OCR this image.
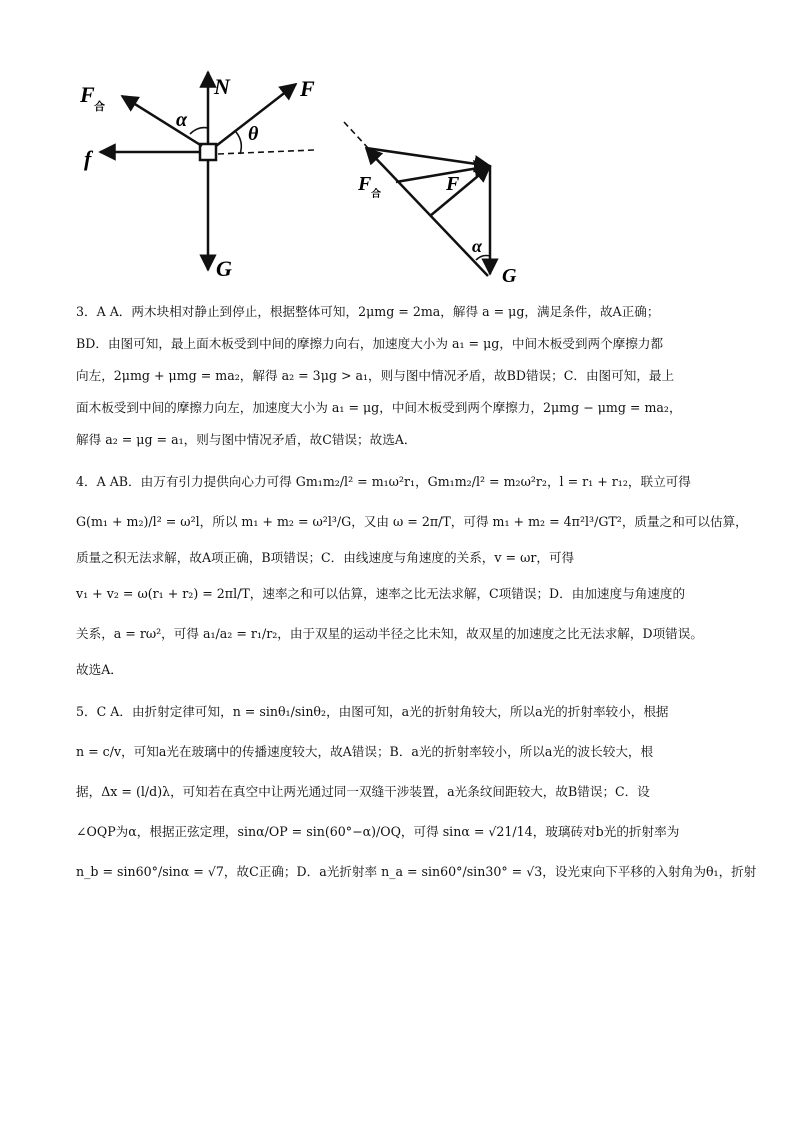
F 合
N	F
f
G
α
θ
F 合	F
α
G
3．A A．两木块相对静止到停止，根据整体可知，2μmg = 2ma，解得 a = μg，满足条件，故A正确；
BD．由图可知，最上面木板受到中间的摩擦力向右，加速度大小为 a₁ = μg，中间木板受到两个摩擦力都
向左，2μmg + μmg = ma₂，解得 a₂ = 3μg > a₁，则与图中情况矛盾，故BD错误；C．由图可知，最上
面木板受到中间的摩擦力向左，加速度大小为 a₁ = μg，中间木板受到两个摩擦力，2μmg − μmg = ma₂，
解得 a₂ = μg = a₁，则与图中情况矛盾，故C错误；故选A．
4．A AB．由万有引力提供向心力可得 Gm₁m₂/l² = m₁ω²r₁，Gm₁m₂/l² = m₂ω²r₂，l = r₁ + r₁₂，联立可得
G(m₁ + m₂)/l² = ω²l，所以 m₁ + m₂ = ω²l³/G，又由 ω = 2π/T，可得 m₁ + m₂ = 4π²l³/GT²，质量之和可以估算，
质量之积无法求解，故A项正确，B项错误；C．由线速度与角速度的关系，v = ωr，可得
v₁ + v₂ = ω(r₁ + r₂) = 2πl/T，速率之和可以估算，速率之比无法求解，C项错误；D．由加速度与角速度的
关系，a = rω²，可得 a₁/a₂ = r₁/r₂，由于双星的运动半径之比未知，故双星的加速度之比无法求解，D项错误。
故选A．
5．C A．由折射定律可知，n = sinθ₁/sinθ₂，由图可知，a光的折射角较大，所以a光的折射率较小，根据
n = c/v，可知a光在玻璃中的传播速度较大，故A错误；B．a光的折射率较小，所以a光的波长较大，根
据，Δx = (l/d)λ，可知若在真空中让两光通过同一双缝干涉装置，a光条纹间距较大，故B错误；C．设
∠OQP为α，根据正弦定理，sinα/OP = sin(60°−α)/OQ，可得 sinα = √21/14，玻璃砖对b光的折射率为
n_b = sin60°/sinα = √7，故C正确；D．a光折射率 n_a = sin60°/sin30° = √3，设光束向下平移的入射角为θ₁，折射
